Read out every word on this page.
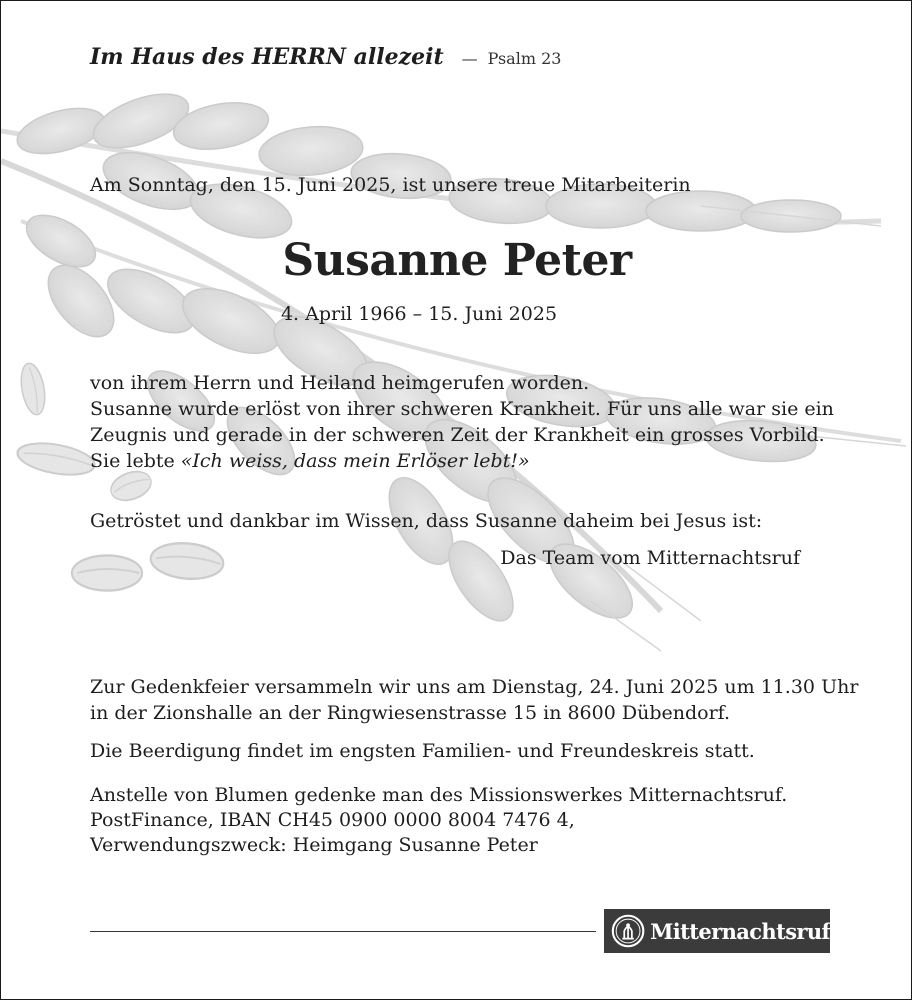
Im Haus des HERRN allezeit — Psalm 23
Am Sonntag, den 15. Juni 2025, ist unsere treue Mitarbeiterin
Susanne Peter
4. April 1966 – 15. Juni 2025
von ihrem Herrn und Heiland heimgerufen worden.
Susanne wurde erlöst von ihrer schweren Krankheit. Für uns alle war sie ein
Zeugnis und gerade in der schweren Zeit der Krankheit ein grosses Vorbild.
Sie lebte «Ich weiss, dass mein Erlöser lebt!»
Getröstet und dankbar im Wissen, dass Susanne daheim bei Jesus ist:
Das Team vom Mitternachtsruf
Zur Gedenkfeier versammeln wir uns am Dienstag, 24. Juni 2025 um 11.30 Uhr
in der Zionshalle an der Ringwiesenstrasse 15 in 8600 Dübendorf.
Die Beerdigung findet im engsten Familien- und Freundeskreis statt.
Anstelle von Blumen gedenke man des Missionswerkes Mitternachtsruf.
PostFinance, IBAN CH45 0900 0000 8004 7476 4,
Verwendungszweck: Heimgang Susanne Peter
Mitternachtsruf
